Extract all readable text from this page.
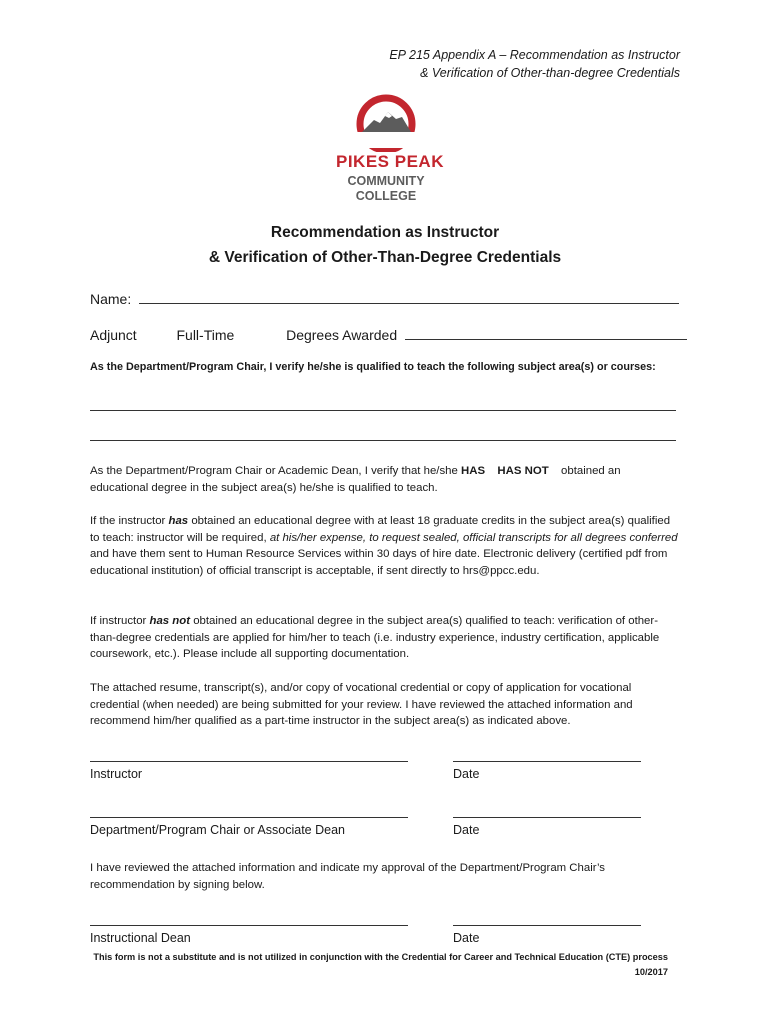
EP 215 Appendix A – Recommendation as Instructor
& Verification of Other-than-degree Credentials
PIKES PEAK
COMMUNITY
COLLEGE
Recommendation as Instructor
& Verification of Other-Than-Degree Credentials
Name:
Adjunct	Full-Time	Degrees Awarded
As the Department/Program Chair, I verify he/she is qualified to teach the following subject area(s) or courses:
As the Department/Program Chair or Academic Dean, I verify that he/she HAS HAS NOT obtained an
educational degree in the subject area(s) he/she is qualified to teach.
If the instructor has obtained an educational degree with at least 18 graduate credits in the subject area(s) qualified to teach: instructor will be required, at his/her expense, to request sealed, official transcripts for all degrees conferred and have them sent to Human Resource Services within 30 days of hire date. Electronic delivery (certified pdf from educational institution) of official transcript is acceptable, if sent directly to hrs@ppcc.edu.
If instructor has not obtained an educational degree in the subject area(s) qualified to teach: verification of other-than-degree credentials are applied for him/her to teach (i.e. industry experience, industry certification, applicable coursework, etc.). Please include all supporting documentation.
The attached resume, transcript(s), and/or copy of vocational credential or copy of application for vocational credential (when needed) are being submitted for your review. I have reviewed the attached information and recommend him/her qualified as a part-time instructor in the subject area(s) as indicated above.
Instructor	Date
Department/Program Chair or Associate Dean	Date
I have reviewed the attached information and indicate my approval of the Department/Program Chair’s recommendation by signing below.
Instructional Dean	Date
This form is not a substitute and is not utilized in conjunction with the Credential for Career and Technical Education (CTE) process
10/2017
